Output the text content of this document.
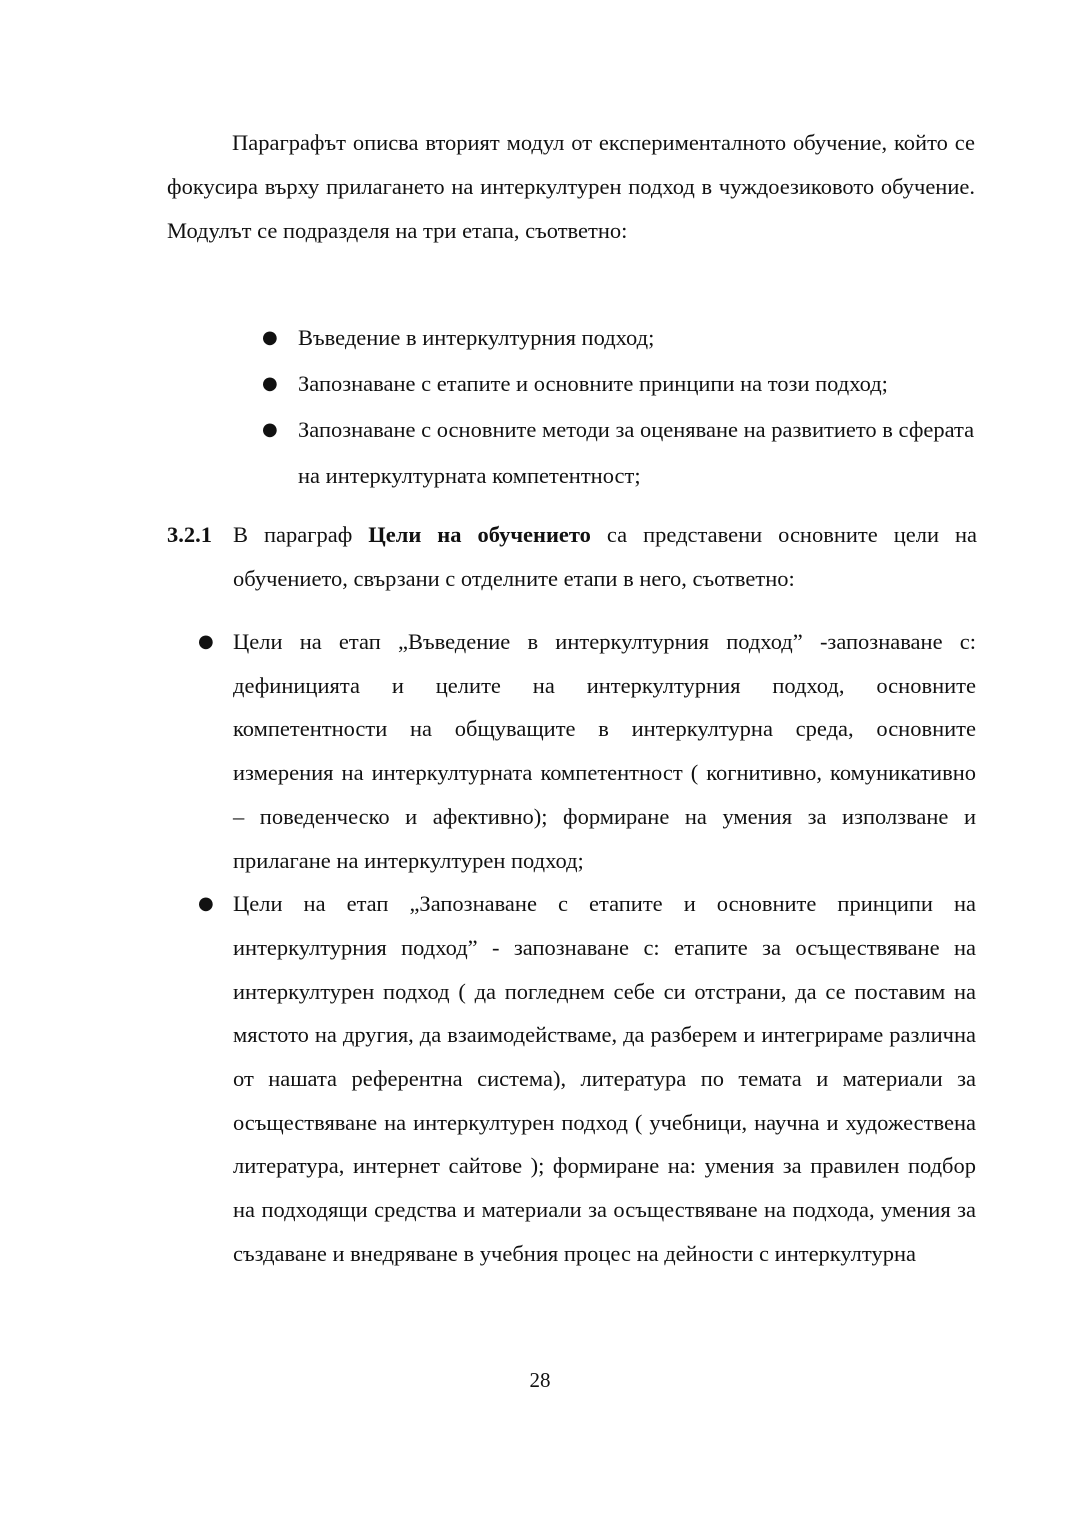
Параграфът описва вторият модул от експерименталното обучение, който се фокусира върху прилагането на интеркултурен подход в чуждоезиковото обучение. Модулът се подразделя на три етапа, съответно:

● Въведение в интеркултурния подход;
● Запознаване с етапите и основните принципи на този подход;
● Запознаване с основните методи за оценяване на развитието в сферата на интеркултурната компетентност;
3.2.1 В параграф Цели на обучението са представени основните цели на обучението, свързани с отделните етапи в него, съответно:
● Цели на етап „Въведение в интеркултурния подход” -запознаване с: дефиницията и целите на интеркултурния подход, основните компетентности на общуващите в интеркултурна среда, основните измерения на интеркултурната компетентност ( когнитивно, комуникативно – поведенческо и афективно); формиране на умения за използване и прилагане на интеркултурен подход;
● Цели на етап „Запознаване с етапите и основните принципи на интеркултурния подход” - запознаване с: етапите за осъществяване на интеркултурен подход ( да погледнем себе си отстрани, да се поставим на мястото на другия, да взаимодействаме, да разберем и интегрираме различна от нашата референтна система), литература по темата и материали за осъществяване на интеркултурен подход ( учебници, научна и художествена литература, интернет сайтове ); формиране на: умения за правилен подбор на подходящи средства и материали за осъществяване на подхода, умения за създаване и внедряване в учебния процес на дейности с интеркултурна
28
